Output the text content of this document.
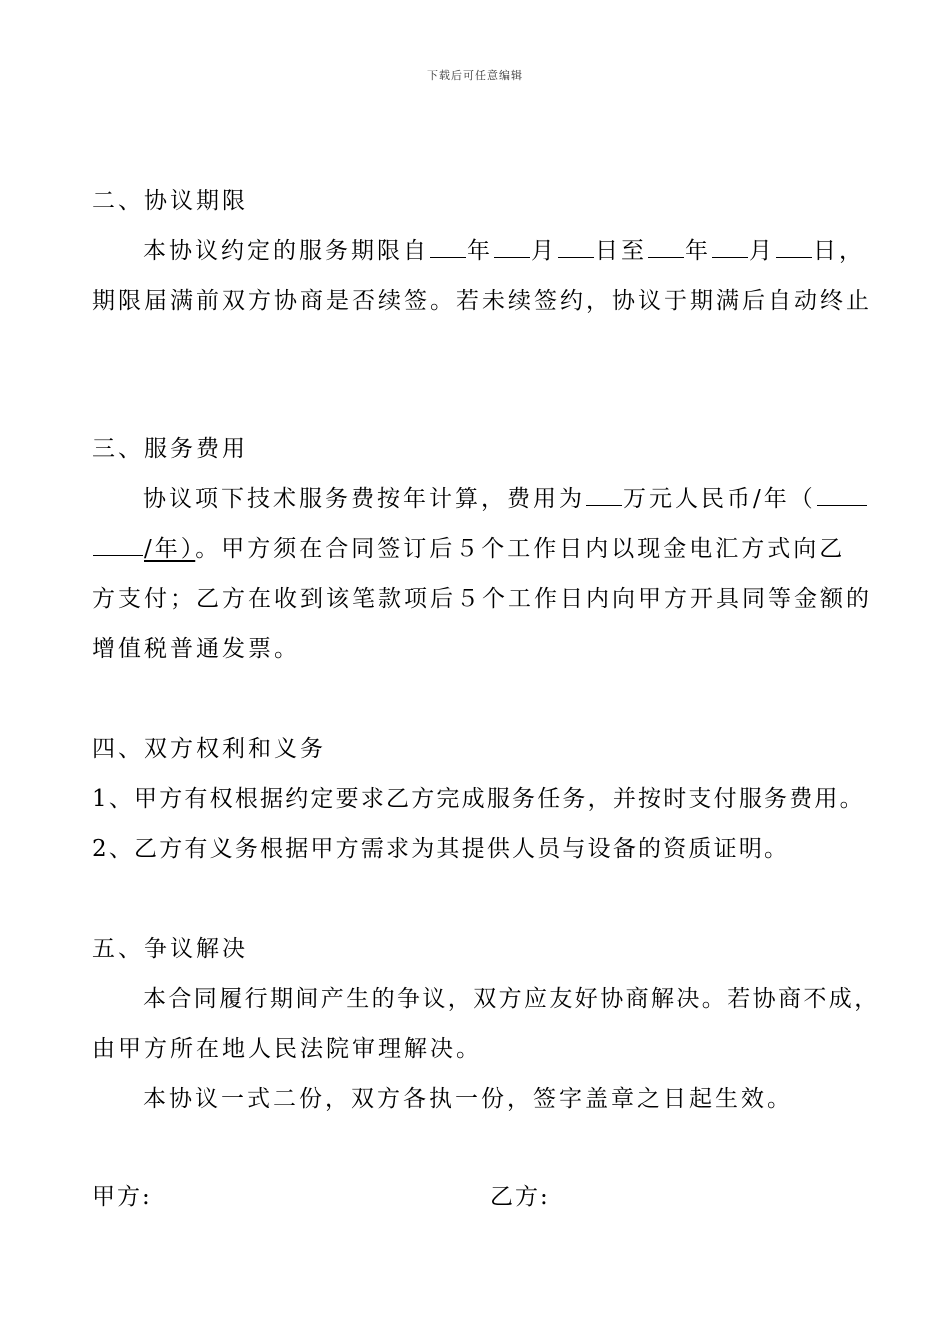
下载后可任意编辑
二、协议期限
本协议约定的服务期限自 年 月 日至 年 月 日，
期限届满前双方协商是否续签。若未续签约，协议于期满后自动终止
三、服务费用
协议项下技术服务费按年计算，费用为 万元人民币/年（
/年）。甲方须在合同签订后５个工作日内以现金电汇方式向乙
方支付；乙方在收到该笔款项后５个工作日内向甲方开具同等金额的
增值税普通发票。
四、双方权利和义务
1、甲方有权根据约定要求乙方完成服务任务，并按时支付服务费用。
2、乙方有义务根据甲方需求为其提供人员与设备的资质证明。
五、争议解决
本合同履行期间产生的争议，双方应友好协商解决。若协商不成，
由甲方所在地人民法院审理解决。
本协议一式二份，双方各执一份，签字盖章之日起生效。
甲方:	乙方:
